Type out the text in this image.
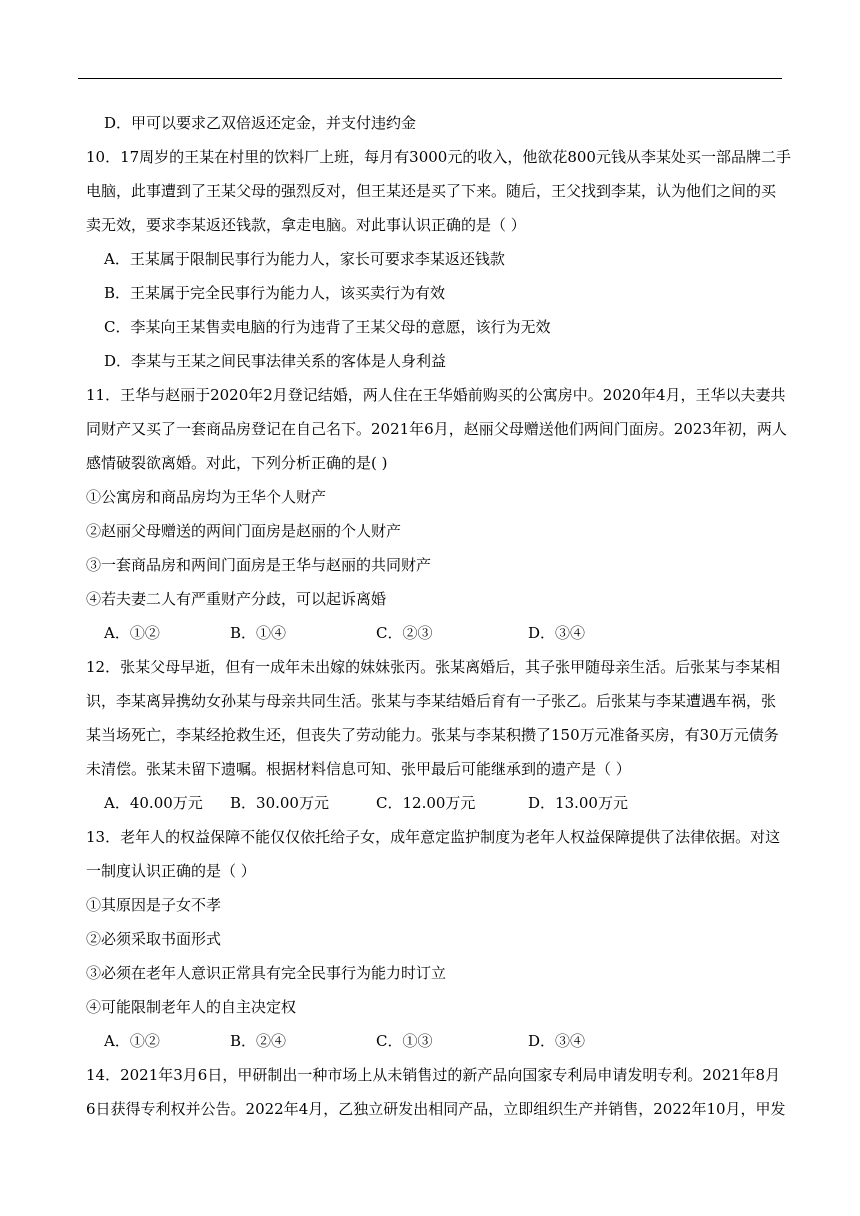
D．甲可以要求乙双倍返还定金，并支付违约金
10．17周岁的王某在村里的饮料厂上班，每月有3000元的收入，他欲花800元钱从李某处买一部品牌二手
电脑，此事遭到了王某父母的强烈反对，但王某还是买了下来。随后，王父找到李某，认为他们之间的买
卖无效，要求李某返还钱款，拿走电脑。对此事认识正确的是（ ）
A．王某属于限制民事行为能力人，家长可要求李某返还钱款
B．王某属于完全民事行为能力人，该买卖行为有效
C．李某向王某售卖电脑的行为违背了王某父母的意愿，该行为无效
D．李某与王某之间民事法律关系的客体是人身利益
11．王华与赵丽于2020年2月登记结婚，两人住在王华婚前购买的公寓房中。2020年4月，王华以夫妻共
同财产又买了一套商品房登记在自己名下。2021年6月，赵丽父母赠送他们两间门面房。2023年初，两人
感情破裂欲离婚。对此，下列分析正确的是( )
①公寓房和商品房均为王华个人财产
②赵丽父母赠送的两间门面房是赵丽的个人财产
③一套商品房和两间门面房是王华与赵丽的共同财产
④若夫妻二人有严重财产分歧，可以起诉离婚
A．①②	B．①④	C．②③	D．③④
12．张某父母早逝，但有一成年未出嫁的妹妹张丙。张某离婚后，其子张甲随母亲生活。后张某与李某相
识，李某离异携幼女孙某与母亲共同生活。张某与李某结婚后育有一子张乙。后张某与李某遭遇车祸，张
某当场死亡，李某经抢救生还，但丧失了劳动能力。张某与李某积攒了150万元准备买房，有30万元债务
未清偿。张某未留下遗嘱。根据材料信息可知、张甲最后可能继承到的遗产是（ ）
A．40.00万元	B．30.00万元	C．12.00万元	D．13.00万元
13．老年人的权益保障不能仅仅依托给子女，成年意定监护制度为老年人权益保障提供了法律依据。对这
一制度认识正确的是（ ）
①其原因是子女不孝
②必须采取书面形式
③必须在老年人意识正常具有完全民事行为能力时订立
④可能限制老年人的自主决定权
A．①②	B．②④	C．①③	D．③④
14．2021年3月6日，甲研制出一种市场上从未销售过的新产品向国家专利局申请发明专利。2021年8月
6日获得专利权并公告。2022年4月，乙独立研发出相同产品，立即组织生产并销售，2022年10月，甲发
